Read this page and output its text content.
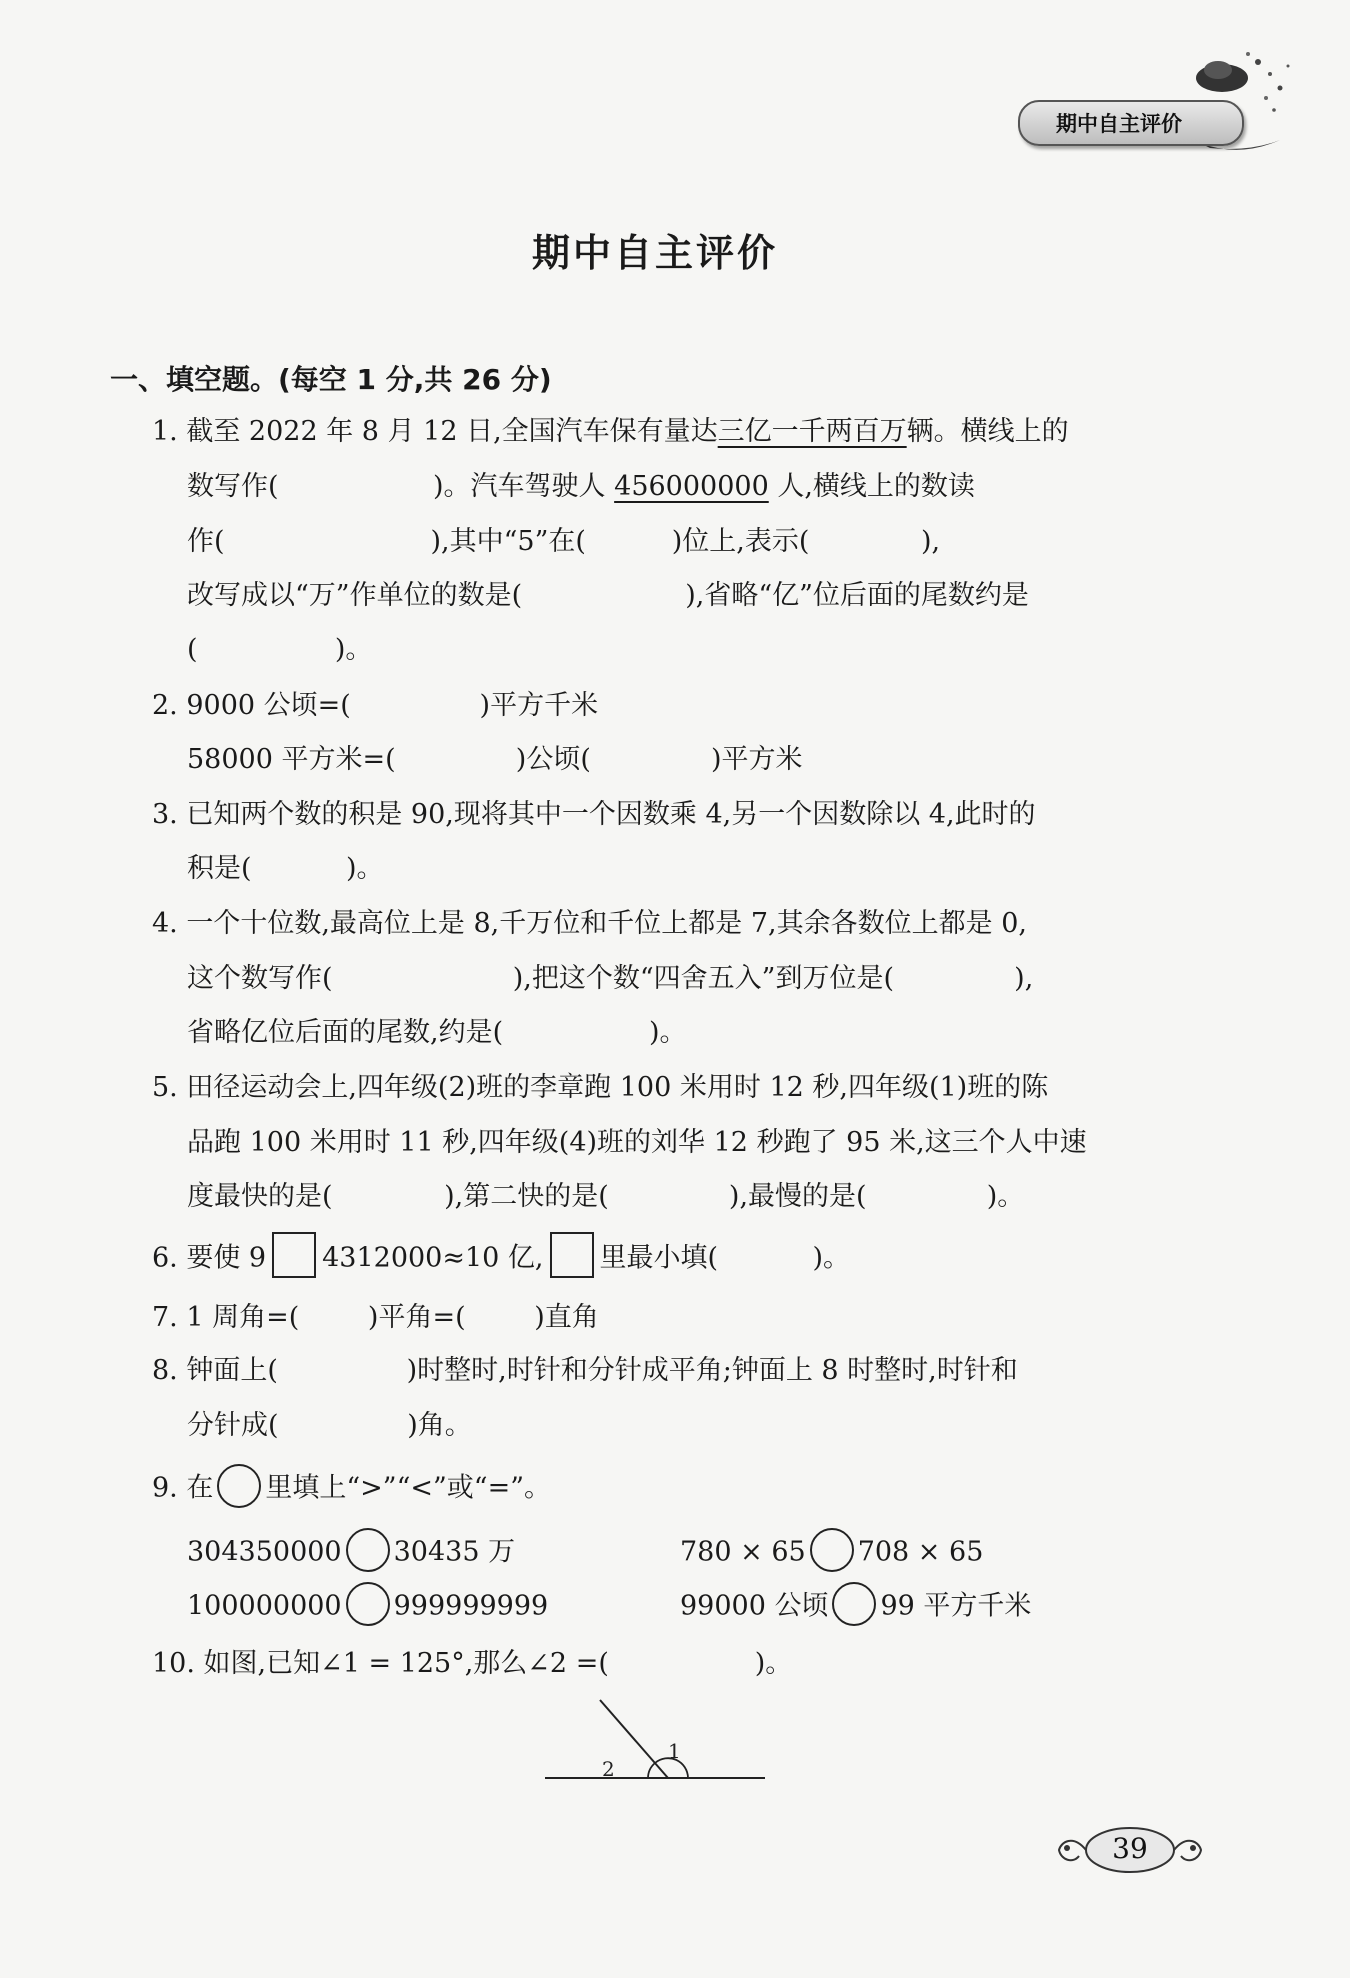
期中自主评价
期中自主评价
一、填空题。(每空 1 分,共 26 分)
1. 截至 2022 年 8 月 12 日,全国汽车保有量达三亿一千两百万辆。横线上的
数写作(                  )。汽车驾驶人 456000000 人,横线上的数读
作(                        ),其中“5”在(          )位上,表示(             ),
改写成以“万”作单位的数是(                   ),省略“亿”位后面的尾数约是
(                )。
2. 9000 公顷=(               )平方千米
58000 平方米=(              )公顷(              )平方米
3. 已知两个数的积是 90,现将其中一个因数乘 4,另一个因数除以 4,此时的
积是(           )。
4. 一个十位数,最高位上是 8,千万位和千位上都是 7,其余各数位上都是 0,
这个数写作(                     ),把这个数“四舍五入”到万位是(              ),
省略亿位后面的尾数,约是(                 )。
5. 田径运动会上,四年级(2)班的李章跑 100 米用时 12 秒,四年级(1)班的陈
品跑 100 米用时 11 秒,四年级(4)班的刘华 12 秒跑了 95 米,这三个人中速
度最快的是(             ),第二快的是(              ),最慢的是(              )。
6. 要使 9 4312000≈10 亿, 里最小填(           )。
7. 1 周角=(        )平角=(        )直角
8. 钟面上(               )时整时,时针和分针成平角;钟面上 8 时整时,时针和
分针成(               )角。
9. 在 里填上“>”“<”或“=”。
304350000 30435 万	780 × 65 708 × 65
100000000 999999999	99000 公顷 99 平方千米
10. 如图,已知∠1 = 125°,那么∠2 =(                 )。
2
1
39
